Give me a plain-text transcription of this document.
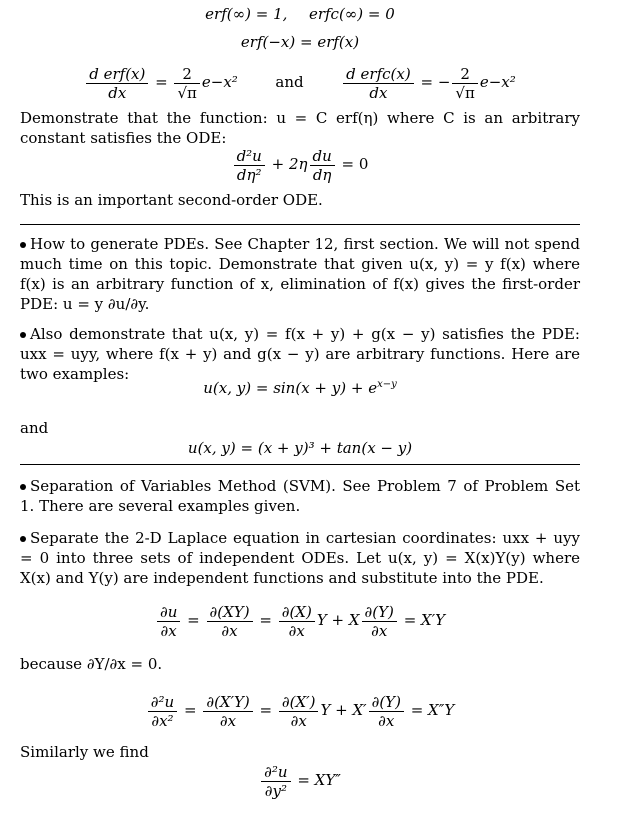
erf(∞) = 1, erfc(∞) = 0
erf(−x) = erf(x)
$\frac{\text{d erf(x)}}{dx} = \frac{2}{√\pi} e-x^2$	and	$\frac{\text{d erfc(x)}}{dx}$ = − $\frac{2}{√\pi} e-x^2$
Demonstrate that the function: u = C erf(η) where C is an arbitrary constant satisfies the ODE:
$\frac{\text{d²u}}{\text{dη²}} + 2\eta \frac{du}{d\eta} = 0$
This is an important second-order ODE.
How to generate PDEs. See Chapter 12, first section. We will not spend much time on this topic. Demonstrate that given u(x, y) = y f(x) where f(x) is an arbitrary function of x, elimination of f(x) gives the first-order PDE: u = y ∂u/∂y.
Also demonstrate that u(x, y) = f(x + y) + g(x − y) satisfies the PDE: uxx = uyy, where f(x + y) and g(x − y) are arbitrary functions. Here are two examples:
u(x, $y) = \sin(x + y) + e^{x-y}$
and
u(x, y) = (x + y)³ + tan(x − y)
Separation of Variables Method (SVM). See Problem 7 of Problem Set 1. There are several examples given.
Separate the 2-D Laplace equation in cartesian coordinates: uxx + uyy = 0 into three sets of independent ODEs. Let u(x, y) = X(x)Y(y) where X(x) and Y(y) are independent functions and substitute into the PDE.
$\frac{\partial u}{\partial x} = \frac{\partial(XY)}{\partial x} = \frac{\partial(X)}{\partial x}$ Y + X $\frac{\partial(Y)}{\partial x} = X'Y$
because ∂Y/∂x = 0.
$\frac{\text{∂²u}}{\text{∂x²}} = \frac{\partial(X'Y)}{\partial x} = \frac{\partial(X')}{\partial x}$ $Y + X' \frac{\partial(Y)}{\partial x} = X''Y$
Similarly we find
$\frac{\text{∂²u}}{\text{∂y²}} = XY''$
